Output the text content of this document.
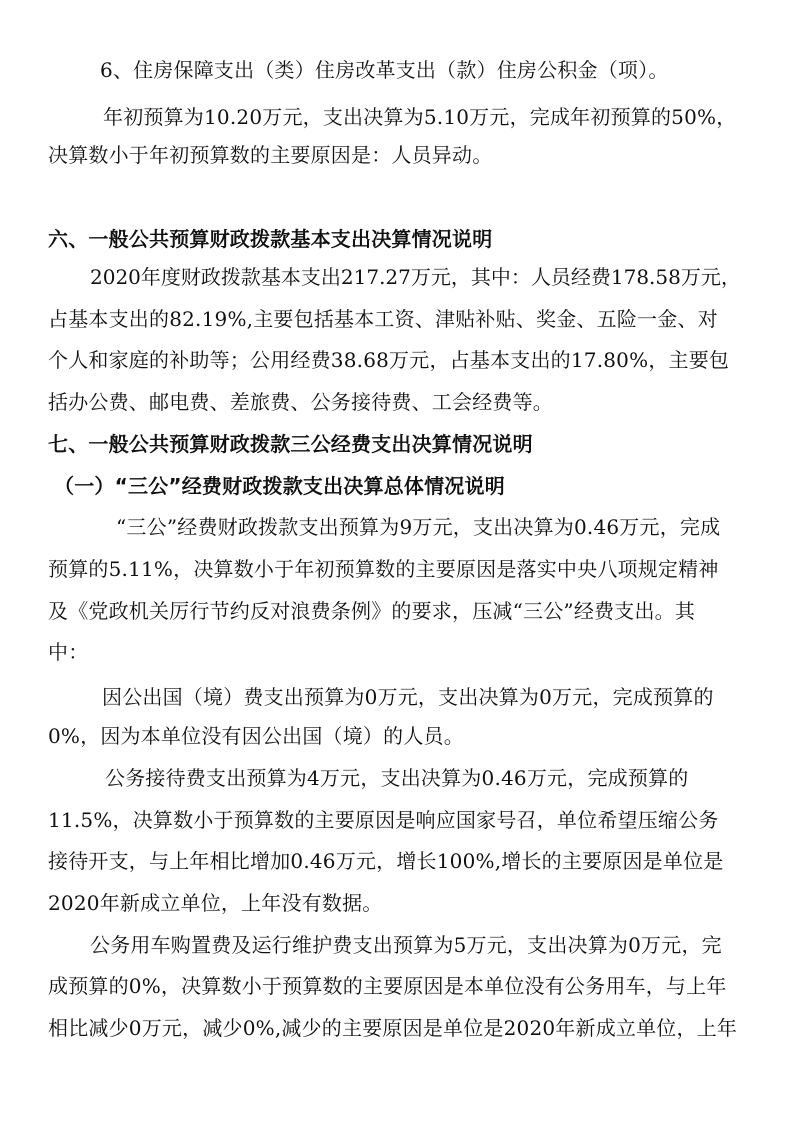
6、住房保障支出（类）住房改革支出（款）住房公积金（项）。
年初预算为10.20万元，支出决算为5.10万元，完成年初预算的50%，
决算数小于年初预算数的主要原因是：人员异动。
六、一般公共预算财政拨款基本支出决算情况说明
2020年度财政拨款基本支出217.27万元，其中：人员经费178.58万元，
占基本支出的82.19%,主要包括基本工资、津贴补贴、奖金、五险一金、对
个人和家庭的补助等；公用经费38.68万元，占基本支出的17.80%，主要包
括办公费、邮电费、差旅费、公务接待费、工会经费等。
七、一般公共预算财政拨款三公经费支出决算情况说明
（一）“三公”经费财政拨款支出决算总体情况说明
“三公”经费财政拨款支出预算为9万元，支出决算为0.46万元，完成
预算的5.11%，决算数小于年初预算数的主要原因是落实中央八项规定精神
及《党政机关厉行节约反对浪费条例》的要求，压减“三公”经费支出。其
中：
因公出国（境）费支出预算为0万元，支出决算为0万元，完成预算的
0%，因为本单位没有因公出国（境）的人员。
公务接待费支出预算为4万元，支出决算为0.46万元，完成预算的
11.5%，决算数小于预算数的主要原因是响应国家号召，单位希望压缩公务
接待开支，与上年相比增加0.46万元，增长100%,增长的主要原因是单位是
2020年新成立单位，上年没有数据。
公务用车购置费及运行维护费支出预算为5万元，支出决算为0万元，完
成预算的0%，决算数小于预算数的主要原因是本单位没有公务用车，与上年
相比减少0万元，减少0%,减少的主要原因是单位是2020年新成立单位，上年
